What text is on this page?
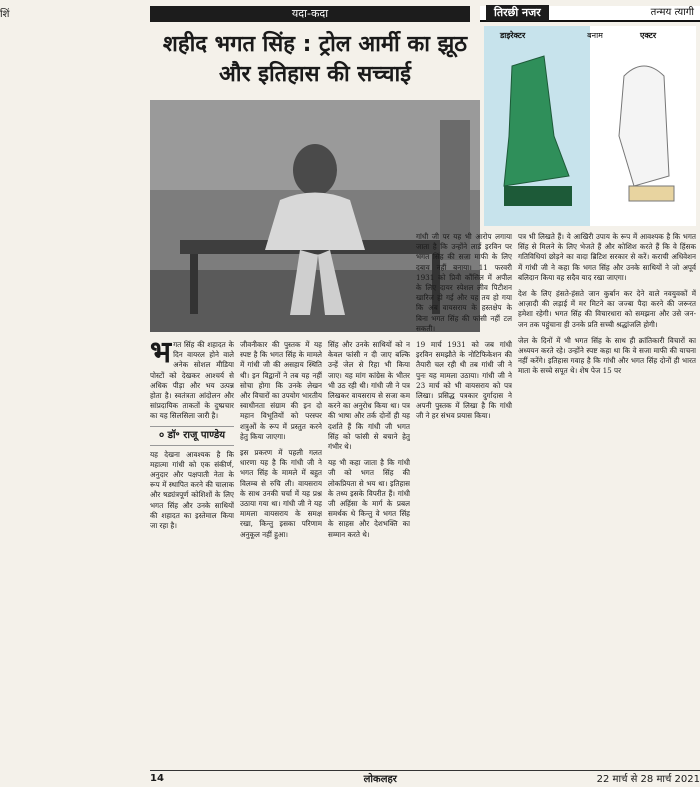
शिं	यदा-कदा	तिरछी नजर	तन्मय त्यागी
शहीद भगत सिंह : ट्रोल आर्मी का झूठ और इतिहास की सच्चाई
डाइरेक्टर	बनाम	एक्टर

भगत सिंह की शहादत के दिन वायरल होने वाले अनेक सोशल मीडिया पोस्टों को देखकर आश्चर्य से अधिक पीड़ा और भय उत्पन्न होता है। स्वतंत्रता आंदोलन और सांप्रदायिक ताकतों के दुष्प्रचार का यह सिलसिला जारी है।

० डॉ॰ राजू पाण्डेय

यह देखना आवश्यक है कि महात्मा गांधी को एक संकीर्ण, अनुदार और पक्षपाती नेता के रूप में स्थापित करने की चालाक और षड्यंत्रपूर्ण कोशिशों के लिए भगत सिंह और उनके साथियों की शहादत का इस्तेमाल किया जा रहा है।

जीवनीकार की पुस्तक में यह स्पष्ट है कि भगत सिंह के मामले में गांधी जी की असहाय स्थिति थी। इन विद्वानों ने तब यह नहीं सोचा होगा कि उनके लेखन और विचारों का उपयोग भारतीय स्वाधीनता संग्राम की इन दो महान विभूतियों को परस्पर शत्रुओं के रूप में प्रस्तुत करने हेतु किया जाएगा।

इस प्रकरण में पहली गलत धारणा यह है कि गांधी जी ने भगत सिंह के मामले में बहुत विलम्ब से रुचि ली। वायसराय के साथ उनकी चर्चा में यह प्रश्न उठाया गया था। गांधी जी ने यह मामला वायसराय के समक्ष रखा, किन्तु इसका परिणाम अनुकूल नहीं हुआ।

सिंह और उनके साथियों को न केवल फांसी न दी जाए बल्कि उन्हें जेल से रिहा भी किया जाए। यह मांग कांग्रेस के भीतर भी उठ रही थी। गांधी जी ने पत्र लिखकर वायसराय से सजा कम करने का अनुरोध किया था। पत्र की भाषा और तर्क दोनों ही यह दर्शाते हैं कि गांधी जी भगत सिंह को फांसी से बचाने हेतु गंभीर थे।

यह भी कहा जाता है कि गांधी जी को भगत सिंह की लोकप्रियता से भय था। इतिहास के तथ्य इसके विपरीत हैं। गांधी जी अहिंसा के मार्ग के प्रबल समर्थक थे किन्तु वे भगत सिंह के साहस और देशभक्ति का सम्मान करते थे।

गांधी जी पर यह भी आरोप लगाया जाता है कि उन्होंने लार्ड इरविन पर भगत सिंह की सजा माफी के लिए दबाव नहीं बनाया। 11 फरवरी 1931 को प्रिवी कौंसिल में अपील के लिए दायर स्पेशल लीव पिटीशन खारिज हो गई और यह तय हो गया कि अब वायसराय के हस्तक्षेप के बिना भगत सिंह की फांसी नहीं टल सकती।

19 मार्च 1931 को जब गांधी इरविन समझौते के नोटिफिकेशन की तैयारी चल रही थी तब गांधी जी ने पुनः यह मामला उठाया। गांधी जी ने 23 मार्च को भी वायसराय को पत्र लिखा। प्रसिद्ध पत्रकार दुर्गादास ने अपनी पुस्तक में लिखा है कि गांधी जी ने हर संभव प्रयास किया।

पत्र भी लिखते हैं। ये आखिरी उपाय के रूप में आवश्यक है कि भगत सिंह से मिलने के लिए भेजते हैं और कोशिश करते हैं कि वे हिंसक गतिविधियां छोड़ने का वादा ब्रिटिश सरकार से करें। कराची अधिवेशन में गांधी जी ने कहा कि भगत सिंह और उनके साथियों ने जो अपूर्व बलिदान किया वह सदैव याद रखा जाएगा।

देश के लिए हंसते-हंसते जान कुर्बान कर देने वाले नवयुवकों में आज़ादी की लड़ाई में मर मिटने का जज्बा पैदा करने की जरूरत हमेशा रहेगी। भगत सिंह की विचारधारा को समझना और उसे जन-जन तक पहुंचाना ही उनके प्रति सच्ची श्रद्धांजलि होगी।

जेल के दिनों में भी भगत सिंह के साथ ही क्रांतिकारी विचारों का अध्ययन करते रहे। उन्होंने स्पष्ट कहा था कि वे सजा माफी की याचना नहीं करेंगे। इतिहास गवाह है कि गांधी और भगत सिंह दोनों ही भारत माता के सच्चे सपूत थे। शेष पेज 15 पर

14	लोकलहर	22 मार्च से 28 मार्च 2021
